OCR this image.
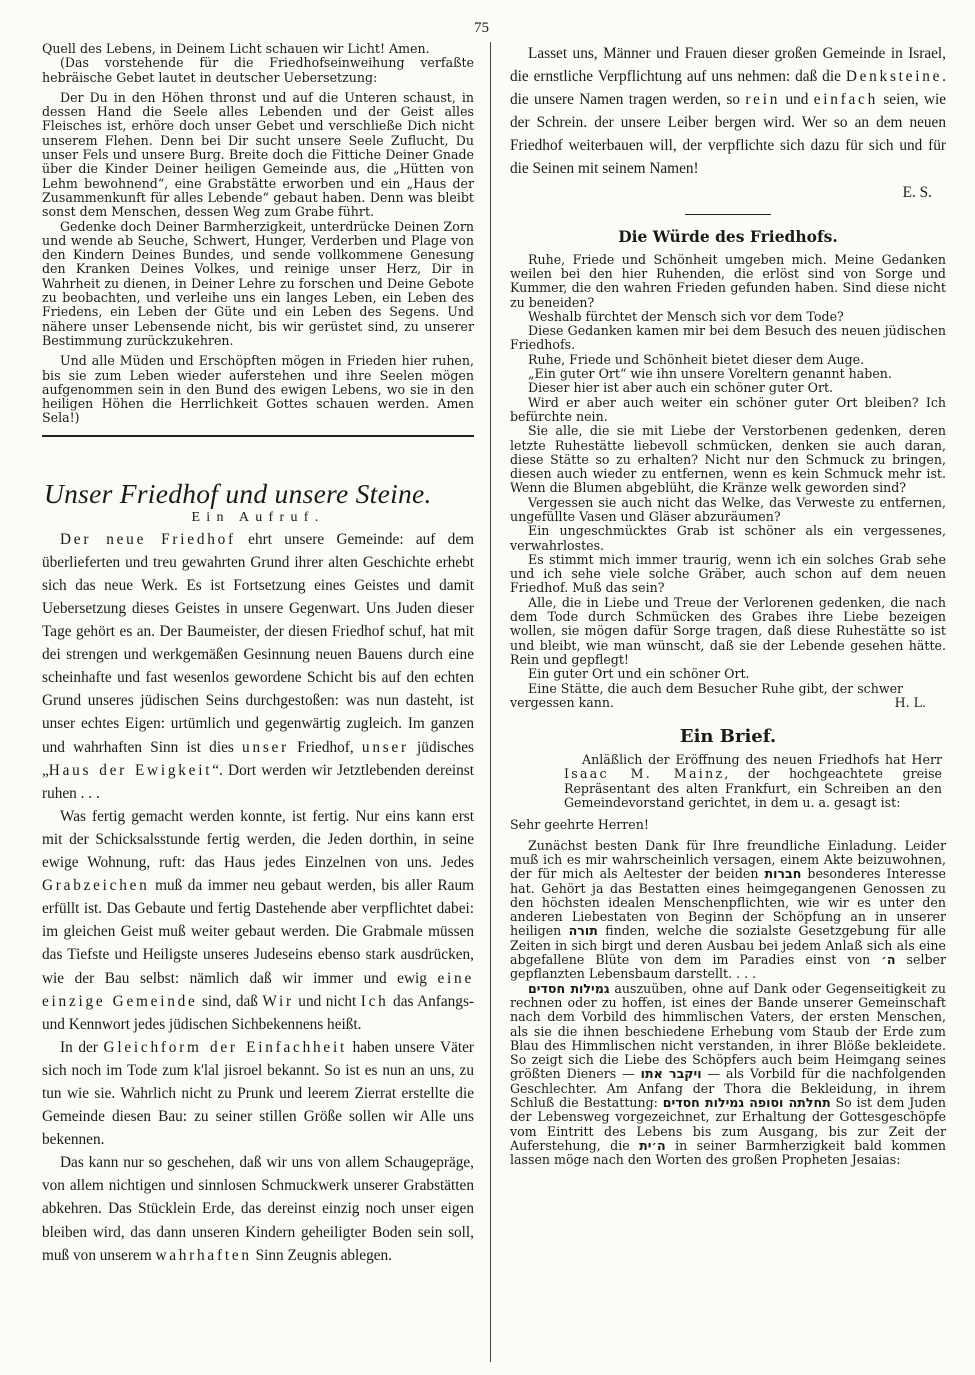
75

Quell des Lebens, in Deinem Licht schauen wir Licht! Amen.

(Das vorstehende für die Friedhofseinweihung verfaßte hebräische Gebet lautet in deutscher Uebersetzung:

Der Du in den Höhen thronst und auf die Unteren schaust, in dessen Hand die Seele alles Lebenden und der Geist alles Fleisches ist, erhöre doch unser Gebet und verschließe Dich nicht unserem Flehen. Denn bei Dir sucht unsere Seele Zuflucht, Du unser Fels und unsere Burg. Breite doch die Fittiche Deiner Gnade über die Kinder Deiner heiligen Gemeinde aus, die „Hütten von Lehm bewohnend“, eine Grabstätte erworben und ein „Haus der Zusammenkunft für alles Lebende“ gebaut haben. Denn was bleibt sonst dem Menschen, dessen Weg zum Grabe führt.

Gedenke doch Deiner Barmherzigkeit, unterdrücke Deinen Zorn und wende ab Seuche, Schwert, Hunger, Verderben und Plage von den Kindern Deines Bundes, und sende vollkommene Genesung den Kranken Deines Volkes, und reinige unser Herz, Dir in Wahrheit zu dienen, in Deiner Lehre zu forschen und Deine Gebote zu beobachten, und verleihe uns ein langes Leben, ein Leben des Friedens, ein Leben der Güte und ein Leben des Segens. Und nähere unser Lebensende nicht, bis wir gerüstet sind, zu unserer Bestimmung zurückzukehren.

Und alle Müden und Erschöpften mögen in Frieden hier ruhen, bis sie zum Leben wieder auferstehen und ihre Seelen mögen aufgenommen sein in den Bund des ewigen Lebens, wo sie in den heiligen Höhen die Herrlichkeit Gottes schauen werden. Amen Sela!)

Unser Friedhof und unsere Steine.
Ein Aufruf.

Der neue Friedhof ehrt unsere Gemeinde: auf dem überlieferten und treu gewahrten Grund ihrer alten Geschichte erhebt sich das neue Werk. Es ist Fortsetzung eines Geistes und damit Uebersetzung dieses Geistes in unsere Gegenwart. Uns Juden dieser Tage gehört es an. Der Baumeister, der diesen Friedhof schuf, hat mit dei strengen und werkgemäßen Gesinnung neuen Bauens durch eine scheinhafte und fast wesenlos gewordene Schicht bis auf den echten Grund unseres jüdischen Seins durchgestoßen: was nun dasteht, ist unser echtes Eigen: urtümlich und gegenwärtig zugleich. Im ganzen und wahrhaften Sinn ist dies unser Friedhof, unser jüdisches „Haus der Ewigkeit“. Dort werden wir Jetztlebenden dereinst ruhen . . .

Was fertig gemacht werden konnte, ist fertig. Nur eins kann erst mit der Schicksalsstunde fertig werden, die Jeden dorthin, in seine ewige Wohnung, ruft: das Haus jedes Einzelnen von uns. Jedes Grabzeichen muß da immer neu gebaut werden, bis aller Raum erfüllt ist. Das Gebaute und fertig Dastehende aber verpflichtet dabei: im gleichen Geist muß weiter gebaut werden. Die Grabmale müssen das Tiefste und Heiligste unseres Judeseins ebenso stark ausdrücken, wie der Bau selbst: nämlich daß wir immer und ewig eine einzige Gemeinde sind, daß Wir und nicht Ich das Anfangs- und Kennwort jedes jüdischen Sichbekennens heißt.

In der Gleichform der Einfachheit haben unsere Väter sich noch im Tode zum k'lal jisroel bekannt. So ist es nun an uns, zu tun wie sie. Wahrlich nicht zu Prunk und leerem Zierrat erstellte die Gemeinde diesen Bau: zu seiner stillen Größe sollen wir Alle uns bekennen.

Das kann nur so geschehen, daß wir uns von allem Schaugepräge, von allem nichtigen und sinnlosen Schmuckwerk unserer Grabstätten abkehren. Das Stücklein Erde, das dereinst einzig noch unser eigen bleiben wird, das dann unseren Kindern geheiligter Boden sein soll, muß von unserem wahrhaften Sinn Zeugnis ablegen.

Lasset uns, Männer und Frauen dieser großen Gemeinde in Israel, die ernstliche Verpflichtung auf uns nehmen: daß die Denksteine. die unsere Namen tragen werden, so rein und einfach seien, wie der Schrein. der unsere Leiber bergen wird. Wer so an dem neuen Friedhof weiterbauen will, der verpflichte sich dazu für sich und für die Seinen mit seinem Namen!

E. S.

Die Würde des Friedhofs.

Ruhe, Friede und Schönheit umgeben mich. Meine Gedanken weilen bei den hier Ruhenden, die erlöst sind von Sorge und Kummer, die den wahren Frieden gefunden haben. Sind diese nicht zu beneiden?

Weshalb fürchtet der Mensch sich vor dem Tode?

Diese Gedanken kamen mir bei dem Besuch des neuen jüdischen Friedhofs.

Ruhe, Friede und Schönheit bietet dieser dem Auge.

„Ein guter Ort“ wie ihn unsere Voreltern genannt haben.

Dieser hier ist aber auch ein schöner guter Ort.

Wird er aber auch weiter ein schöner guter Ort bleiben? Ich befürchte nein.

Sie alle, die sie mit Liebe der Verstorbenen gedenken, deren letzte Ruhestätte liebevoll schmücken, denken sie auch daran, diese Stätte so zu erhalten? Nicht nur den Schmuck zu bringen, diesen auch wieder zu entfernen, wenn es kein Schmuck mehr ist. Wenn die Blumen abgeblüht, die Kränze welk geworden sind?

Vergessen sie auch nicht das Welke, das Verweste zu entfernen, ungefüllte Vasen und Gläser abzuräumen?

Ein ungeschmücktes Grab ist schöner als ein vergessenes, verwahrlostes.

Es stimmt mich immer traurig, wenn ich ein solches Grab sehe und ich sehe viele solche Gräber, auch schon auf dem neuen Friedhof. Muß das sein?

Alle, die in Liebe und Treue der Verlorenen gedenken, die nach dem Tode durch Schmücken des Grabes ihre Liebe bezeigen wollen, sie mögen dafür Sorge tragen, daß diese Ruhestätte so ist und bleibt, wie man wünscht, daß sie der Lebende gesehen hätte. Rein und gepflegt!

Ein guter Ort und ein schöner Ort.

Eine Stätte, die auch dem Besucher Ruhe gibt, der schwer

vergessen kann.	H. L.
Ein Brief.

Anläßlich der Eröffnung des neuen Friedhofs hat Herr Isaac M. Mainz, der hochgeachtete greise Repräsentant des alten Frankfurt, ein Schreiben an den Gemeindevorstand gerichtet, in dem u. a. gesagt ist:

Sehr geehrte Herren!

Zunächst besten Dank für Ihre freundliche Einladung. Leider muß ich es mir wahrscheinlich versagen, einem Akte beizuwohnen, der für mich als Aeltester der beiden חברות besonderes Interesse hat. Gehört ja das Bestatten eines heimgegangenen Genossen zu den höchsten idealen Menschenpflichten, wie wir es unter den anderen Liebestaten von Beginn der Schöpfung an in unserer heiligen תורה finden, welche die sozialste Gesetzgebung für alle Zeiten in sich birgt und deren Ausbau bei jedem Anlaß sich als eine abgefallene Blüte von dem im Paradies einst von ה׳ selber gepflanzten Lebensbaum darstellt. . . .

גמילות חסדים auszuüben, ohne auf Dank oder Gegenseitigkeit zu rechnen oder zu hoffen, ist eines der Bande unserer Gemeinschaft nach dem Vorbild des himmlischen Vaters, der ersten Menschen, als sie die ihnen beschiedene Erhebung vom Staub der Erde zum Blau des Himmlischen nicht verstanden, in ihrer Blöße bekleidete. So zeigt sich die Liebe des Schöpfers auch beim Heimgang seines größten Dieners — ויקבר אתו — als Vorbild für die nachfolgenden Geschlechter. Am Anfang der Thora die Bekleidung, in ihrem Schluß die Bestattung: תחלתה וסופה גמילות חסדים So ist dem Juden der Lebensweg vorgezeichnet, zur Erhaltung der Gottesgeschöpfe vom Eintritt des Lebens bis zum Ausgang, bis zur Zeit der Auferstehung, die ה׳ית in seiner Barmherzigkeit bald kommen lassen möge nach den Worten des großen Propheten Jesaias:
